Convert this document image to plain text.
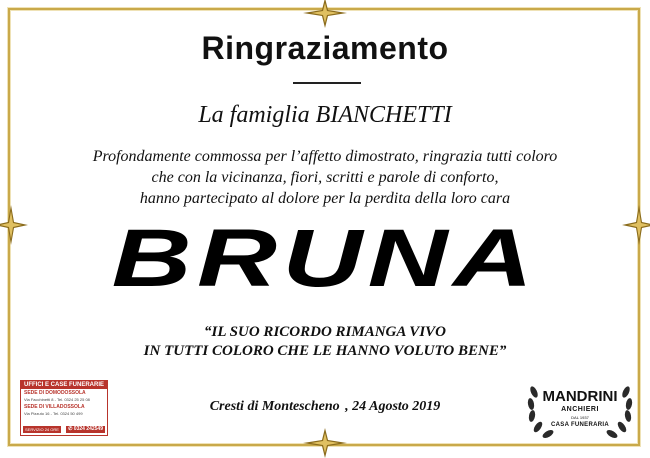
Ringraziamento
La famiglia BIANCHETTI
Profondamente commossa per l’affetto dimostrato, ringrazia tutti coloro
che con la vicinanza, fiori, scritti e parole di conforto,
hanno partecipato al dolore per la perdita della loro cara
BRUNA
“IL SUO RICORDO RIMANGA VIVO
IN TUTTI COLORO CHE LE HANNO VOLUTO BENE”
Cresti di Montescheno , 24 Agosto 2019
UFFICI E CASE FUNERARIE
SEDE DI DOMODOSSOLA
Via Facchinetti 8 - Tel. 0324 25 25 08
SEDE DI VILLADOSSOLA
Via Pizzuto 16 - Tel. 0324 50 499
SERVIZIO 24 ORE	✆ 0324 242549
MANDRINI
ANCHIERI
DAL 1937
CASA FUNERARIA
